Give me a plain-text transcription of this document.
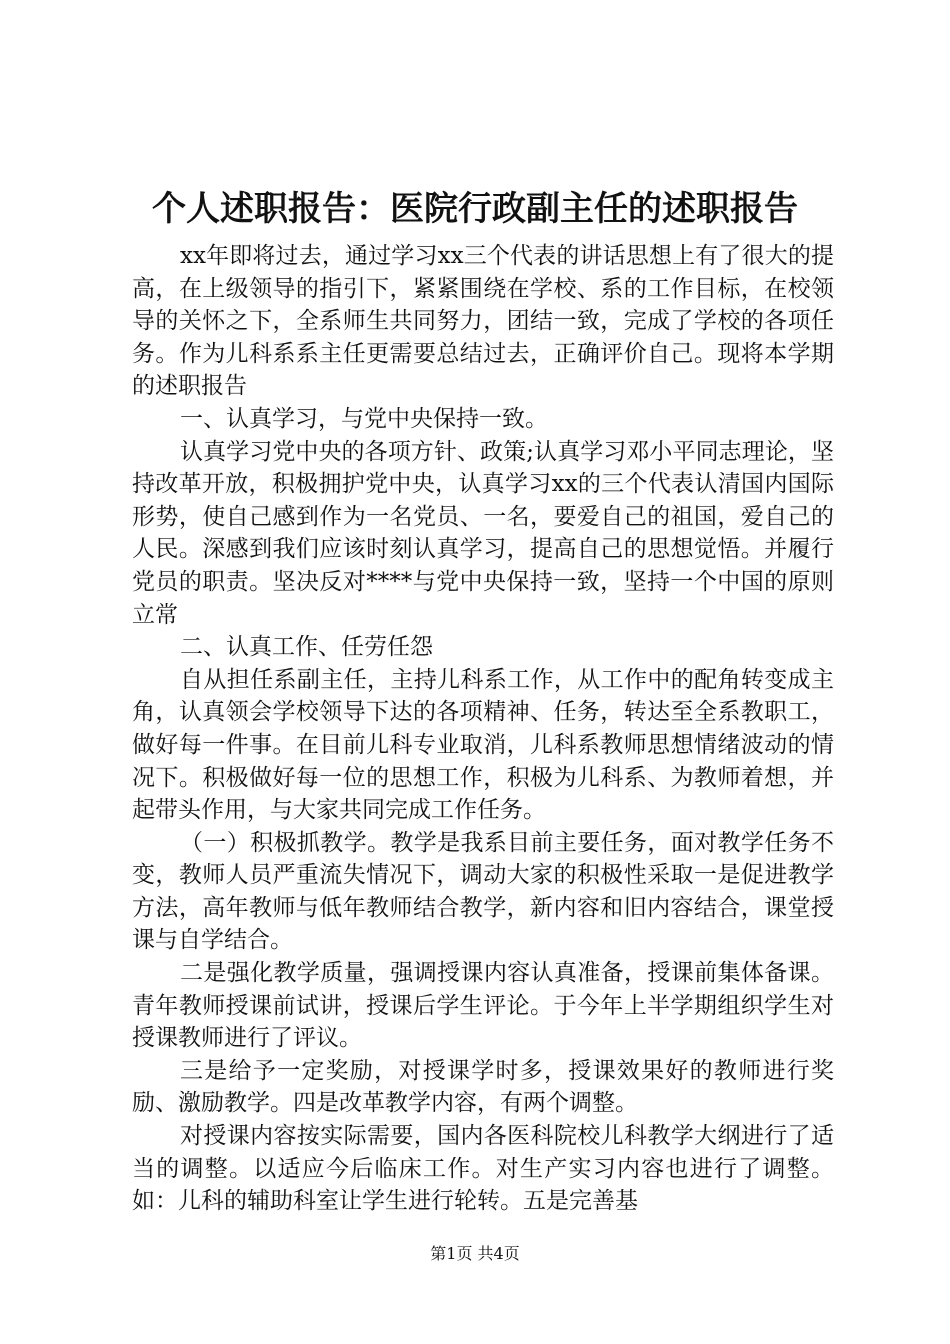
个人述职报告：医院行政副主任的述职报告

xx年即将过去，通过学习xx三个代表的讲话思想上有了很大的提高，在上级领导的指引下，紧紧围绕在学校、系的工作目标，在校领导的关怀之下，全系师生共同努力，团结一致，完成了学校的各项任务。作为儿科系系主任更需要总结过去，正确评价自己。现将本学期的述职报告

一、认真学习，与党中央保持一致。

认真学习党中央的各项方针、政策;认真学习邓小平同志理论，坚持改革开放，积极拥护党中央，认真学习xx的三个代表认清国内国际形势，使自己感到作为一名党员、一名，要爱自己的祖国，爱自己的人民。深感到我们应该时刻认真学习，提高自己的思想觉悟。并履行党员的职责。坚决反对****与党中央保持一致，坚持一个中国的原则立常

二、认真工作、任劳任怨

自从担任系副主任，主持儿科系工作，从工作中的配角转变成主角，认真领会学校领导下达的各项精神、任务，转达至全系教职工，做好每一件事。在目前儿科专业取消，儿科系教师思想情绪波动的情况下。积极做好每一位的思想工作，积极为儿科系、为教师着想，并起带头作用，与大家共同完成工作任务。

（一）积极抓教学。教学是我系目前主要任务，面对教学任务不变，教师人员严重流失情况下，调动大家的积极性采取一是促进教学方法，高年教师与低年教师结合教学，新内容和旧内容结合，课堂授课与自学结合。

二是强化教学质量，强调授课内容认真准备，授课前集体备课。青年教师授课前试讲，授课后学生评论。于今年上半学期组织学生对授课教师进行了评议。

三是给予一定奖励，对授课学时多，授课效果好的教师进行奖励、激励教学。四是改革教学内容，有两个调整。

对授课内容按实际需要，国内各医科院校儿科教学大纲进行了适当的调整。以适应今后临床工作。对生产实习内容也进行了调整。如：儿科的辅助科室让学生进行轮转。五是完善基

第1页 共4页
